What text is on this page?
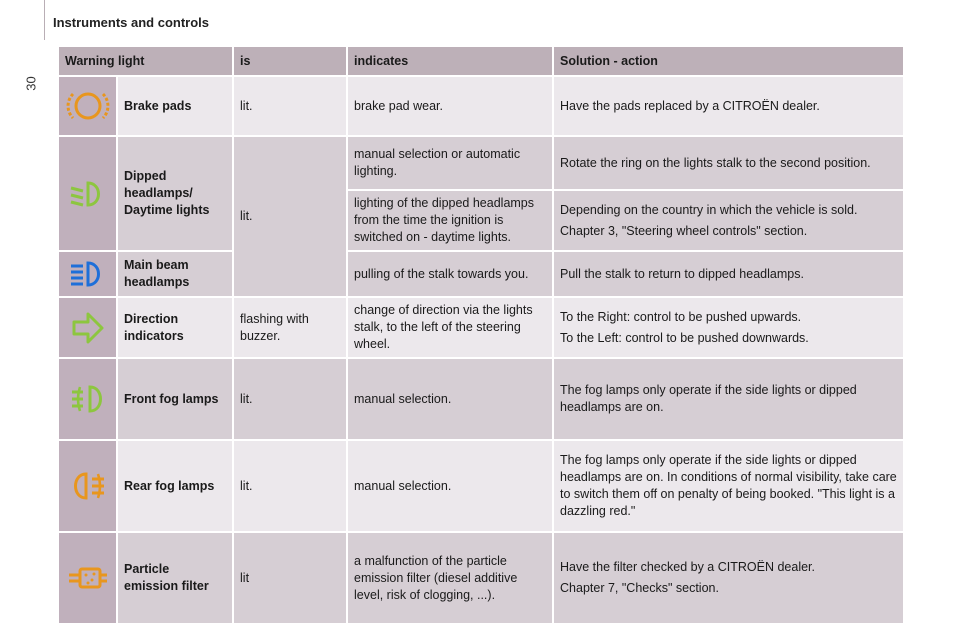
30
Instruments and controls
Warning light		is	indicates	Solution - action

	Brake pads	lit.	brake pad wear.	Have the pads replaced by a CITROËN dealer.

	Dipped headlamps/ Daytime lights	lit.	manual selection or automatic lighting.	Rotate the ring on the lights stalk to the second position.
			lighting of the dipped headlamps from the time the ignition is switched on - daytime lights.	Depending on the country in which the vehicle is sold.

Chapter 3, "Steering wheel controls" section.

	Main beam headlamps		pulling of the stalk towards you.	Pull the stalk to return to dipped headlamps.

	Direction indicators	flashing with buzzer.	change of direction via the lights stalk, to the left of the steering wheel.	To the Right: control to be pushed upwards.

To the Left: control to be pushed downwards.

	Front fog lamps	lit.	manual selection.	The fog lamps only operate if the side lights or dipped headlamps are on.

	Rear fog lamps	lit.	manual selection.	The fog lamps only operate if the side lights or dipped headlamps are on. In conditions of normal visibility, take care to switch them off on penalty of being booked. "This light is a dazzling red."

	Particle emission filter	lit	a malfunction of the particle emission filter (diesel additive level, risk of clogging, ...).	Have the filter checked by a CITROËN dealer.

Chapter 7, "Checks" section.
